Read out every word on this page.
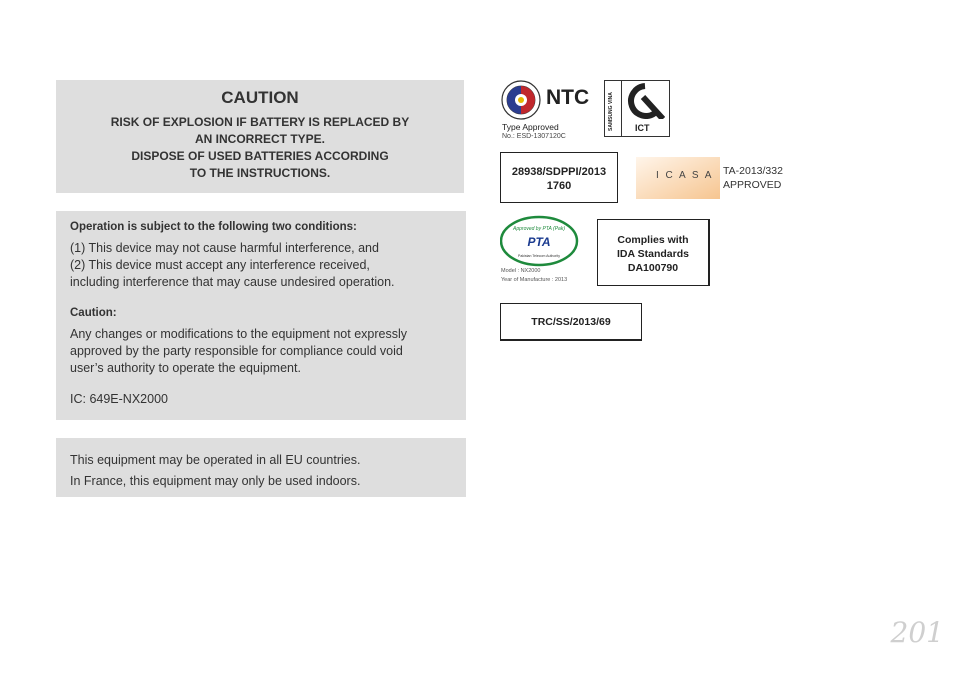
CAUTION
RISK OF EXPLOSION IF BATTERY IS REPLACED BY
AN INCORRECT TYPE.
DISPOSE OF USED BATTERIES ACCORDING
TO THE INSTRUCTIONS.
Operation is subject to the following two conditions:
(1) This device may not cause harmful interference, and
(2) This device must accept any interference received,
including interference that may cause undesired operation.
Caution:
Any changes or modifications to the equipment not expressly
approved by the party responsible for compliance could void
user’s authority to operate the equipment.
IC: 649E-NX2000
This equipment may be operated in all EU countries.
In France, this equipment may only be used indoors.
NTC
Type Approved
No.: ESD-1307120C
SAMSUNG VINA ICT
28938/SDPPI/2013
1760
I C A S A TA-2013/332
APPROVED
Approved by PTA (Pak)
PTA
Pakistan Telecom Authority
Model : NX2000
Year of Manufacture : 2013
Complies with
IDA Standards
DA100790
TRC/SS/2013/69
201
